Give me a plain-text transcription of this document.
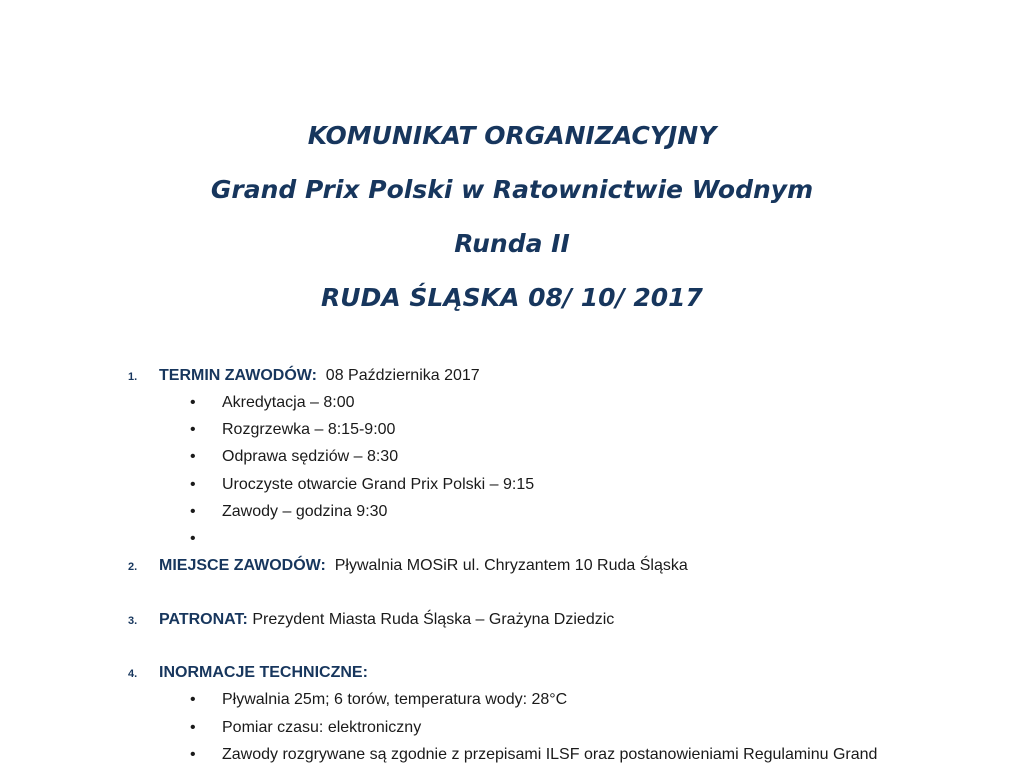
KOMUNIKAT ORGANIZACYJNY
Grand Prix Polski w Ratownictwie Wodnym
Runda II
RUDA ŚLĄSKA 08/ 10/ 2017
1. TERMIN ZAWODÓW: 08 Października 2017
• Akredytacja – 8:00
• Rozgrzewka – 8:15-9:00
• Odprawa sędziów – 8:30
• Uroczyste otwarcie Grand Prix Polski – 9:15
• Zawody – godzina 9:30
•
2. MIEJSCE ZAWODÓW: Pływalnia MOSiR ul. Chryzantem 10 Ruda Śląska
3. PATRONAT: Prezydent Miasta Ruda Śląska – Grażyna Dziedzic
4. INORMACJE TECHNICZNE:
• Pływalnia 25m; 6 torów, temperatura wody: 28°C
• Pomiar czasu: elektroniczny
• Zawody rozgrywane są zgodnie z przepisami ILSF oraz postanowieniami Regulaminu Grand
